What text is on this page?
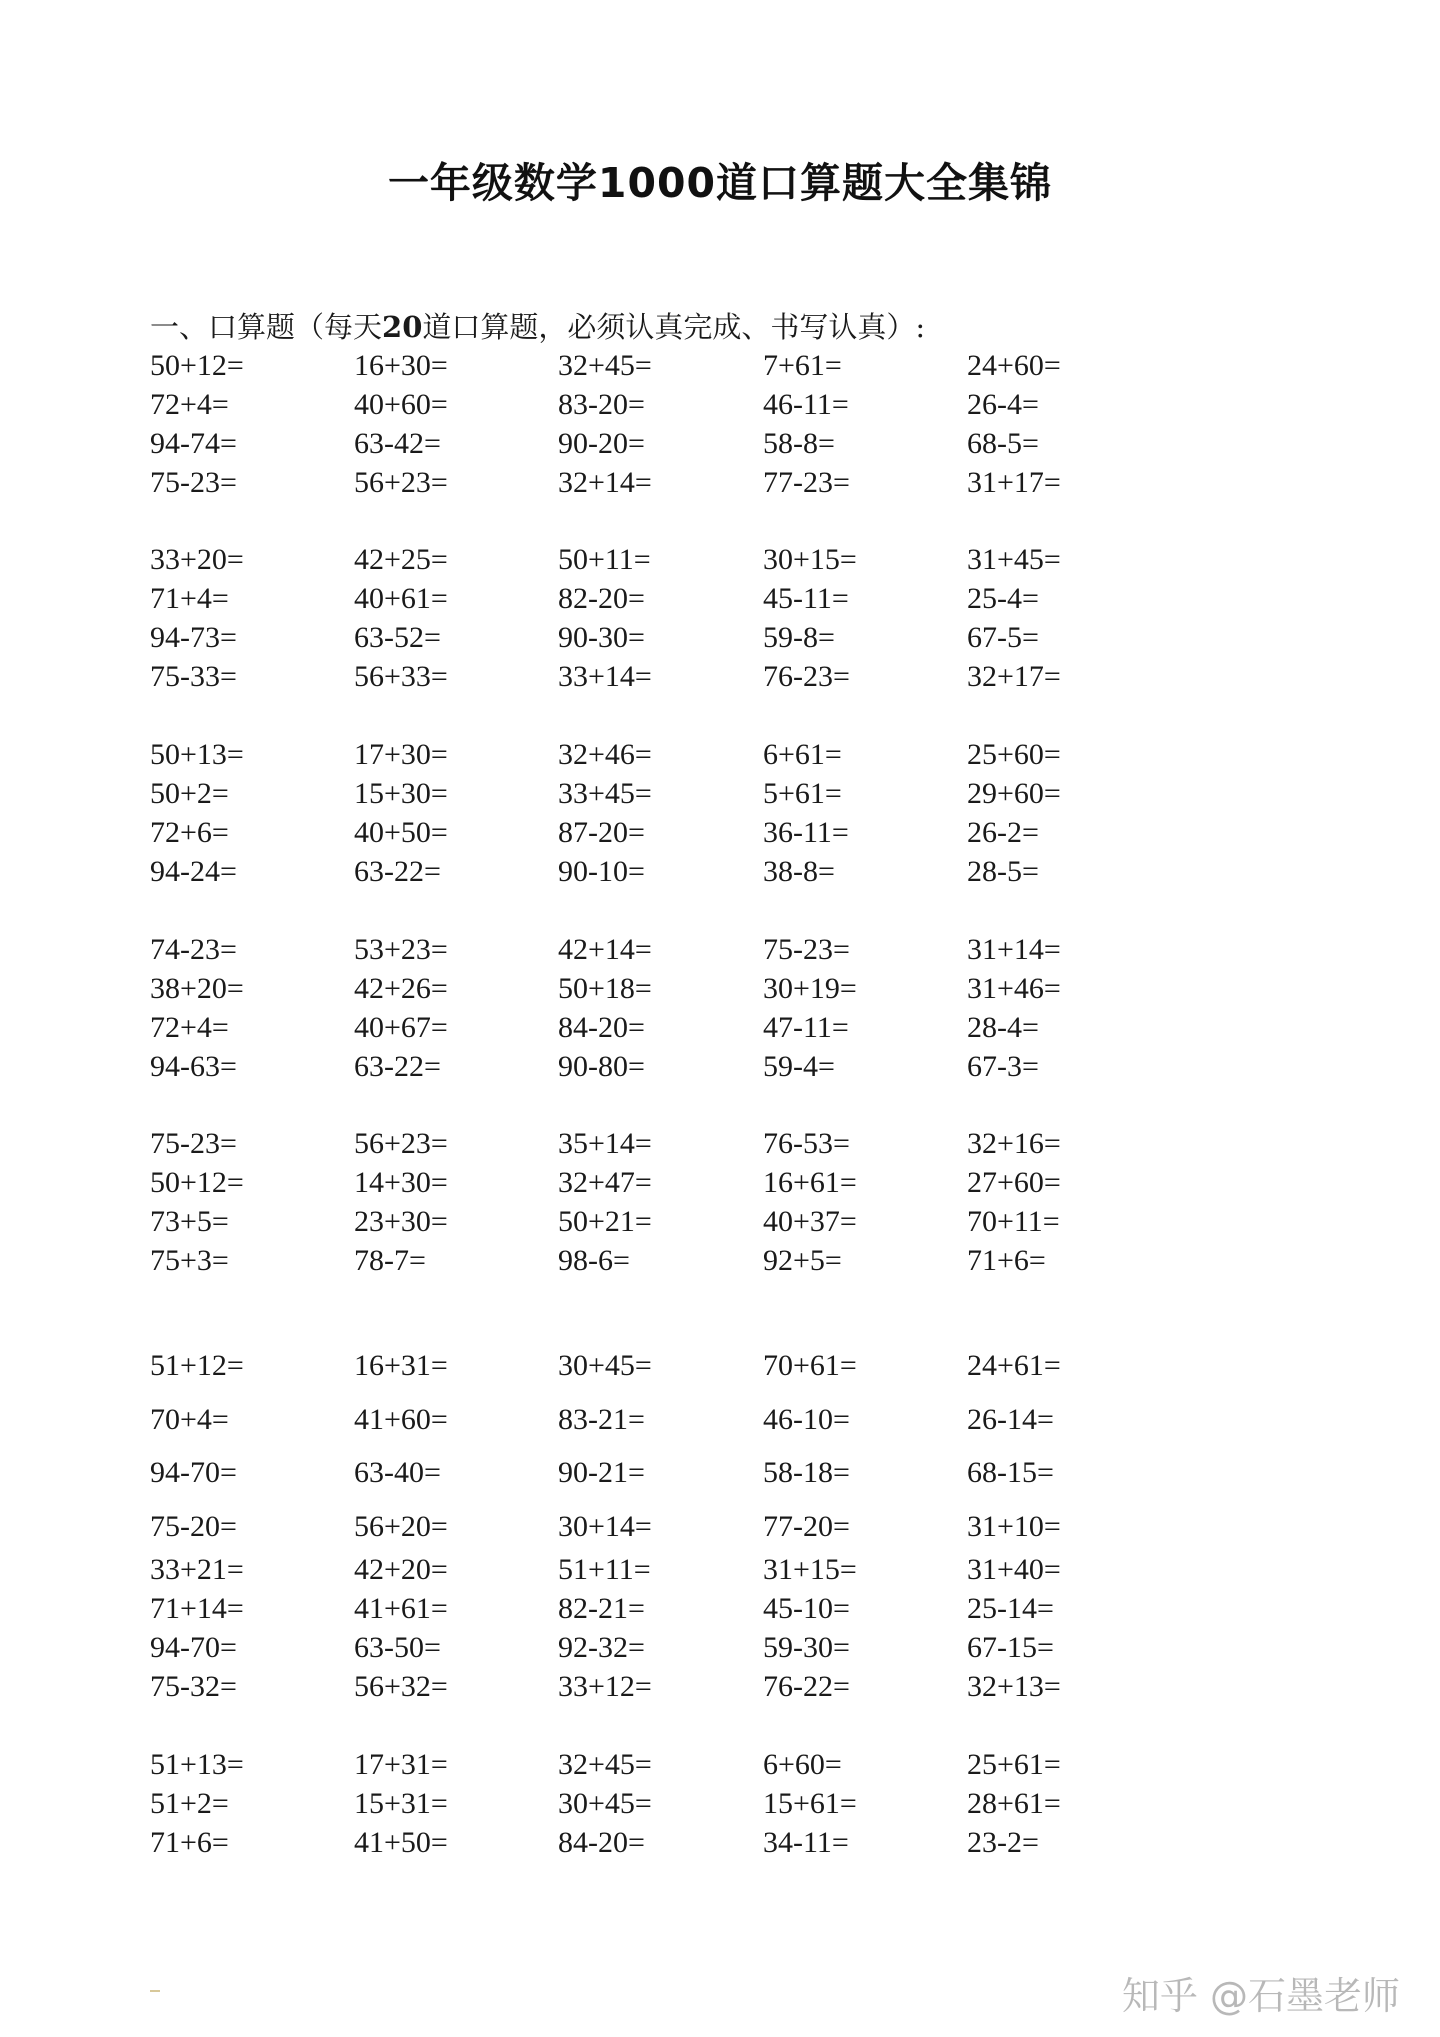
一年级数学1000道口算题大全集锦
一、口算题（每天20道口算题，必须认真完成、书写认真）:
50+12=	16+30=	32+45=	7+61=	24+60=
72+4=	40+60=	83-20=	46-11=	26-4=
94-74=	63-42=	90-20=	58-8=	68-5=
75-23=	56+23=	32+14=	77-23=	31+17=
33+20=	42+25=	50+11=	30+15=	31+45=
71+4=	40+61=	82-20=	45-11=	25-4=
94-73=	63-52=	90-30=	59-8=	67-5=
75-33=	56+33=	33+14=	76-23=	32+17=
50+13=	17+30=	32+46=	6+61=	25+60=
50+2=	15+30=	33+45=	5+61=	29+60=
72+6=	40+50=	87-20=	36-11=	26-2=
94-24=	63-22=	90-10=	38-8=	28-5=
74-23=	53+23=	42+14=	75-23=	31+14=
38+20=	42+26=	50+18=	30+19=	31+46=
72+4=	40+67=	84-20=	47-11=	28-4=
94-63=	63-22=	90-80=	59-4=	67-3=
75-23=	56+23=	35+14=	76-53=	32+16=
50+12=	14+30=	32+47=	16+61=	27+60=
73+5=	23+30=	50+21=	40+37=	70+11=
75+3=	78-7=	98-6=	92+5=	71+6=
51+12=	16+31=	30+45=	70+61=	24+61=
70+4=	41+60=	83-21=	46-10=	26-14=
94-70=	63-40=	90-21=	58-18=	68-15=
75-20=	56+20=	30+14=	77-20=	31+10=
33+21=	42+20=	51+11=	31+15=	31+40=
71+14=	41+61=	82-21=	45-10=	25-14=
94-70=	63-50=	92-32=	59-30=	67-15=
75-32=	56+32=	33+12=	76-22=	32+13=
51+13=	17+31=	32+45=	6+60=	25+61=
51+2=	15+31=	30+45=	15+61=	28+61=
71+6=	41+50=	84-20=	34-11=	23-2=
知乎 @石墨老师
